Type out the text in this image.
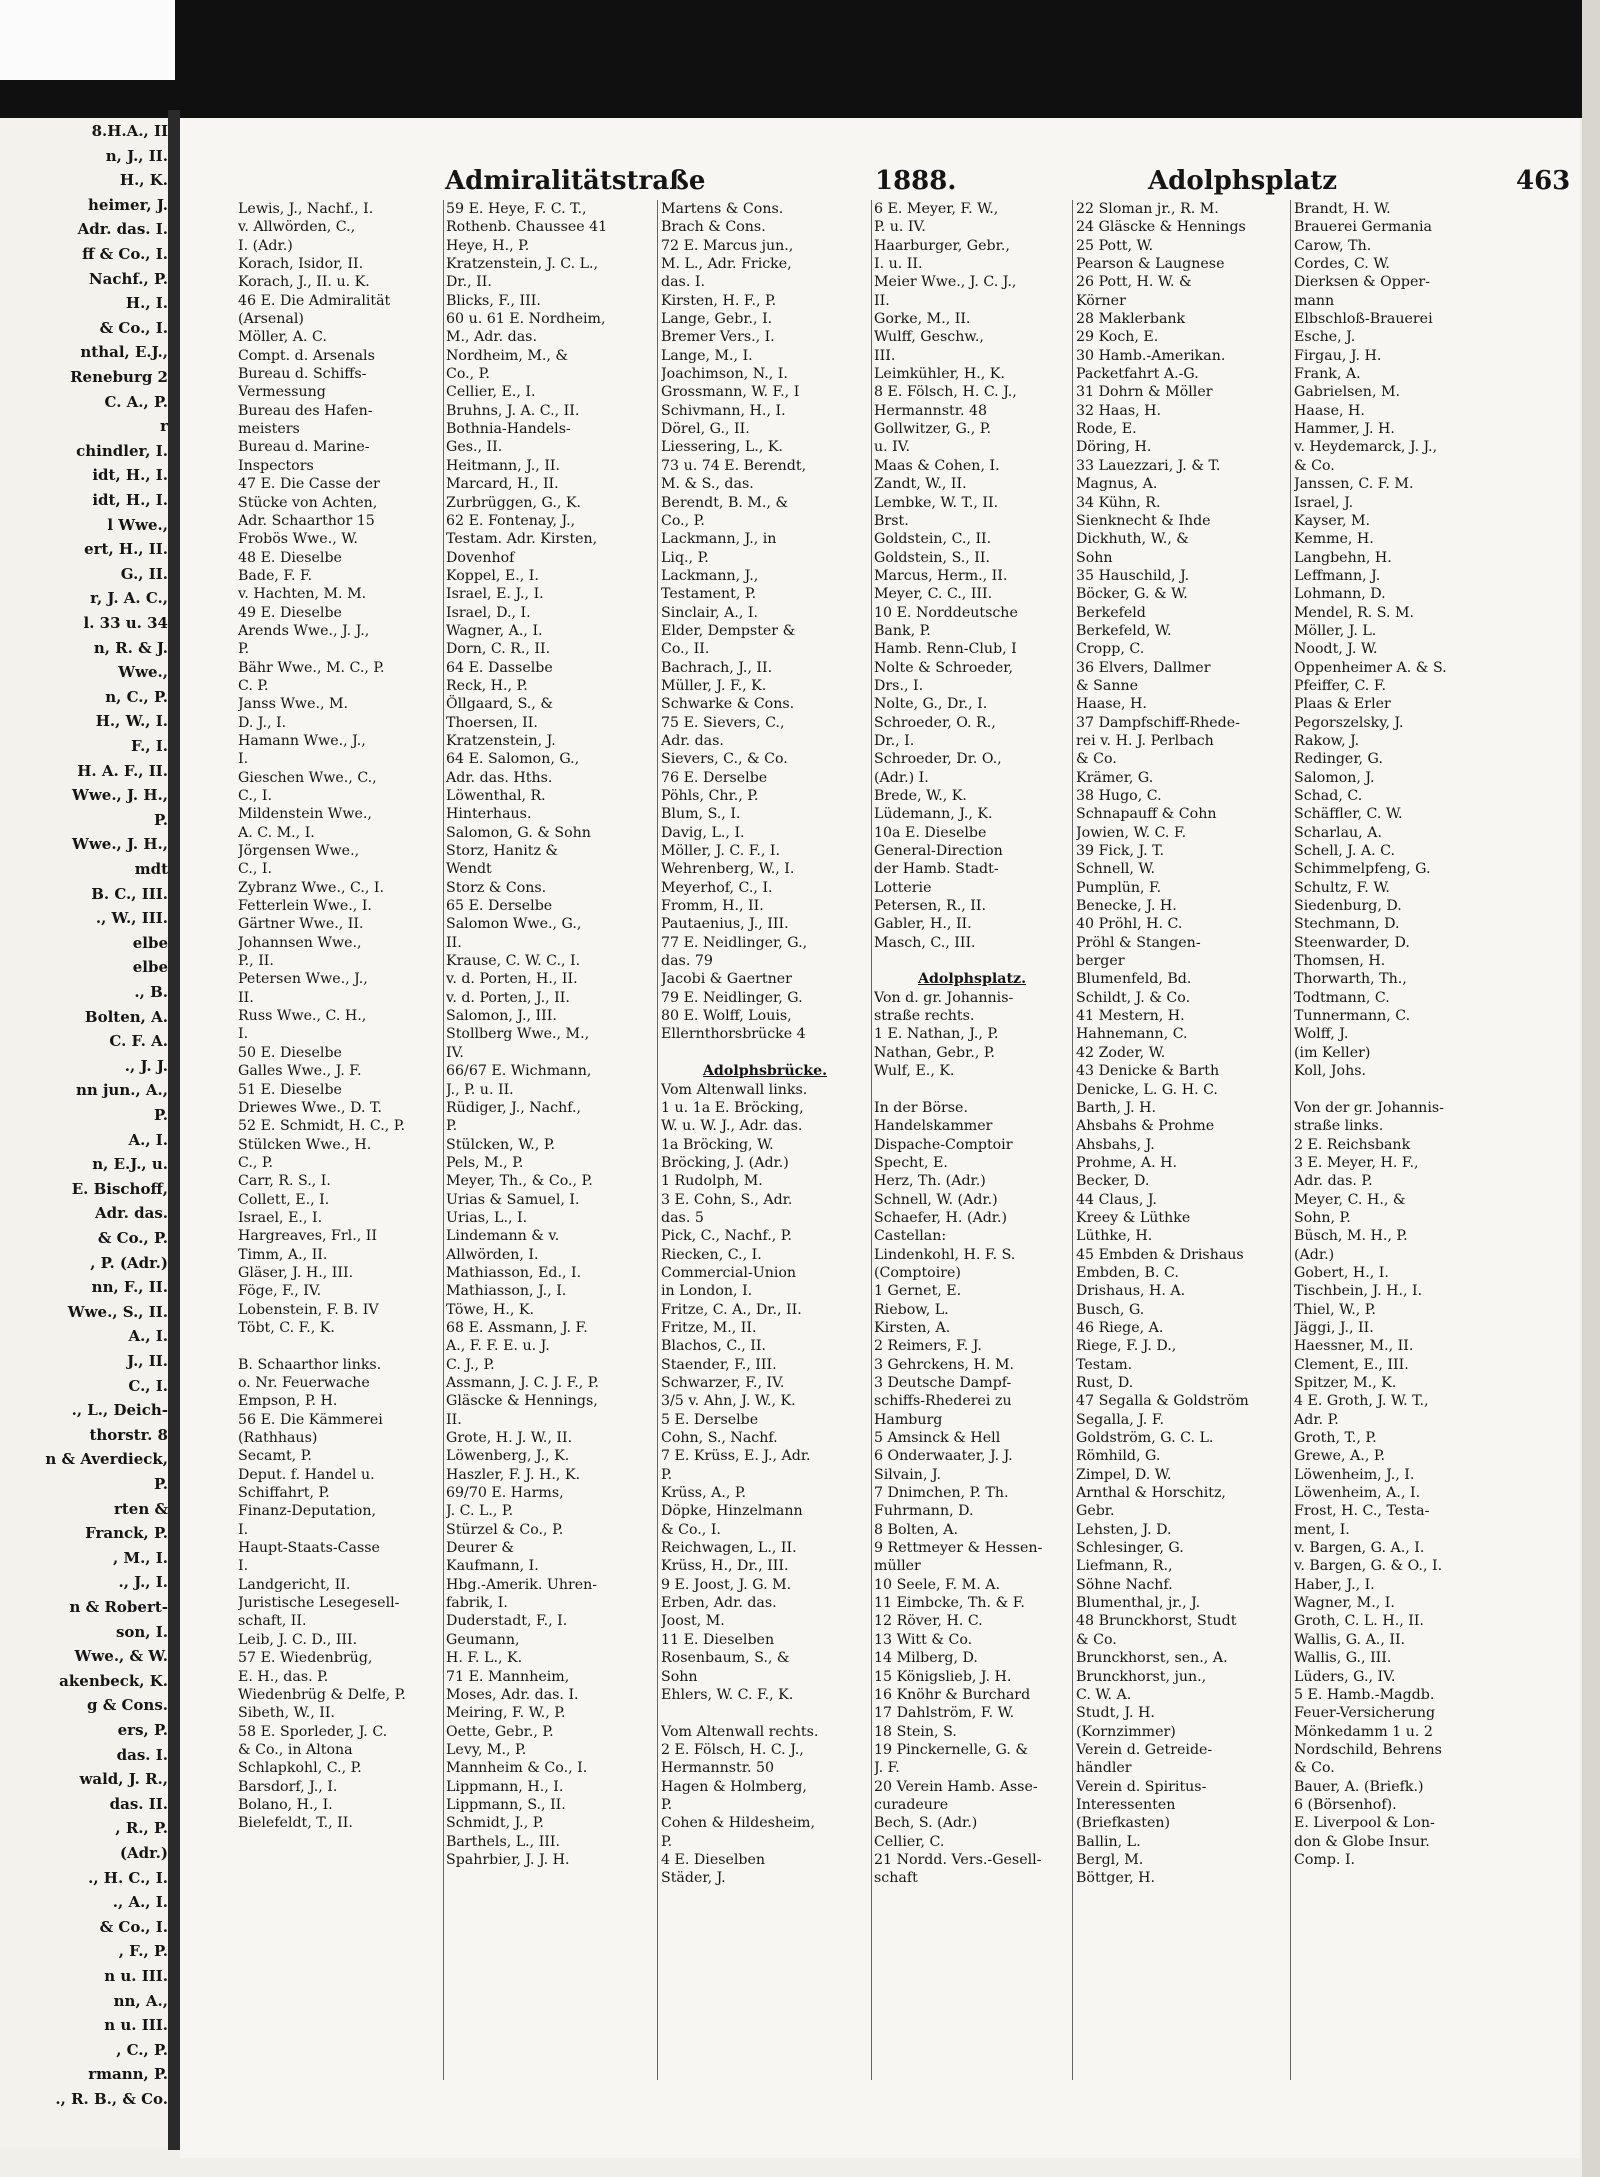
8.H.A., II
n, J., II.
H., K.
heimer, J.
Adr. das. I.
ff & Co., I.
Nachf., P.
H., I.
& Co., I.
nthal, E.J.,
Reneburg 2
C. A., P.
r
chindler, I.
idt, H., I.
idt, H., I.
l Wwe.,
ert, H., II.
G., II.
r, J. A. C.,
l. 33 u. 34
n, R. & J.
Wwe.,
n, C., P.
H., W., I.
F., I.
H. A. F., II.
Wwe., J. H.,
P.
Wwe., J. H.,
mdt
B. C., III.
., W., III.
elbe
elbe
., B.
Bolten, A.
C. F. A.
., J. J.
nn jun., A.,
P.
A., I.
n, E.J., u.
E. Bischoff,
Adr. das.
& Co., P.
, P. (Adr.)
nn, F., II.
Wwe., S., II.
A., I.
J., II.
C., I.
., L., Deich-
thorstr. 8
n & Averdieck,
P.
rten &
Franck, P.
, M., I.
., J., I.
n & Robert-
son, I.
Wwe., & W.
akenbeck, K.
g & Cons.
ers, P.
das. I.
wald, J. R.,
das. II.
, R., P.
(Adr.)
., H. C., I.
., A., I.
& Co., I.
, F., P.
n u. III.
nn, A.,
n u. III.
, C., P.
rmann, P.
., R. B., & Co.
Admiralitätstraße	1888.	Adolphsplatz	463
Lewis, J., Nachf., I.
v. Allwörden, C.,
I. (Adr.)
Korach, Isidor, II.
Korach, J., II. u. K.
46 E. Die Admiralität
(Arsenal)
Möller, A. C.
Compt. d. Arsenals
Bureau d. Schiffs-
Vermessung
Bureau des Hafen-
meisters
Bureau d. Marine-
Inspectors
47 E. Die Casse der
Stücke von Achten,
Adr. Schaarthor 15
Frobös Wwe., W.
48 E. Dieselbe
Bade, F. F.
v. Hachten, M. M.
49 E. Dieselbe
Arends Wwe., J. J.,
P.
Bähr Wwe., M. C., P.
C. P.
Janss Wwe., M.
D. J., I.
Hamann Wwe., J.,
I.
Gieschen Wwe., C.,
C., I.
Mildenstein Wwe.,
A. C. M., I.
Jörgensen Wwe.,
C., I.
Zybranz Wwe., C., I.
Fetterlein Wwe., I.
Gärtner Wwe., II.
Johannsen Wwe.,
P., II.
Petersen Wwe., J.,
II.
Russ Wwe., C. H.,
I.
50 E. Dieselbe
Galles Wwe., J. F.
51 E. Dieselbe
Driewes Wwe., D. T.
52 E. Schmidt, H. C., P.
Stülcken Wwe., H.
C., P.
Carr, R. S., I.
Collett, E., I.
Israel, E., I.
Hargreaves, Frl., II
Timm, A., II.
Gläser, J. H., III.
Föge, F., IV.
Lobenstein, F. B. IV
Töbt, C. F., K.

B. Schaarthor links.
o. Nr. Feuerwache
Empson, P. H.
56 E. Die Kämmerei
(Rathhaus)
Secamt, P.
Deput. f. Handel u.
Schiffahrt, P.
Finanz-Deputation,
I.
Haupt-Staats-Casse
I.
Landgericht, II.
Juristische Lesegesell-
schaft, II.
Leib, J. C. D., III.
57 E. Wiedenbrüg,
E. H., das. P.
Wiedenbrüg & Delfe, P.
Sibeth, W., II.
58 E. Sporleder, J. C.
& Co., in Altona
Schlapkohl, C., P.
Barsdorf, J., I.
Bolano, H., I.
Bielefeldt, T., II.
59 E. Heye, F. C. T.,
Rothenb. Chaussee 41
Heye, H., P.
Kratzenstein, J. C. L.,
Dr., II.
Blicks, F., III.
60 u. 61 E. Nordheim,
M., Adr. das.
Nordheim, M., &
Co., P.
Cellier, E., I.
Bruhns, J. A. C., II.
Bothnia-Handels-
Ges., II.
Heitmann, J., II.
Marcard, H., II.
Zurbrüggen, G., K.
62 E. Fontenay, J.,
Testam. Adr. Kirsten,
Dovenhof
Koppel, E., I.
Israel, E. J., I.
Israel, D., I.
Wagner, A., I.
Dorn, C. R., II.
64 E. Dasselbe
Reck, H., P.
Öllgaard, S., &
Thoersen, II.
Kratzenstein, J.
64 E. Salomon, G.,
Adr. das. Hths.
Löwenthal, R.
Hinterhaus.
Salomon, G. & Sohn
Storz, Hanitz &
Wendt
Storz & Cons.
65 E. Derselbe
Salomon Wwe., G.,
II.
Krause, C. W. C., I.
v. d. Porten, H., II.
v. d. Porten, J., II.
Salomon, J., III.
Stollberg Wwe., M.,
IV.
66/67 E. Wichmann,
J., P. u. II.
Rüdiger, J., Nachf.,
P.
Stülcken, W., P.
Pels, M., P.
Meyer, Th., & Co., P.
Urias & Samuel, I.
Urias, L., I.
Lindemann & v.
Allwörden, I.
Mathiasson, Ed., I.
Mathiasson, J., I.
Töwe, H., K.
68 E. Assmann, J. F.
A., F. F. E. u. J.
C. J., P.
Assmann, J. C. J. F., P.
Gläscke & Hennings,
II.
Grote, H. J. W., II.
Löwenberg, J., K.
Haszler, F. J. H., K.
69/70 E. Harms,
J. C. L., P.
Stürzel & Co., P.
Deurer &
Kaufmann, I.
Hbg.-Amerik. Uhren-
fabrik, I.
Duderstadt, F., I.
Geumann,
H. F. L., K.
71 E. Mannheim,
Moses, Adr. das. I.
Meiring, F. W., P.
Oette, Gebr., P.
Levy, M., P.
Mannheim & Co., I.
Lippmann, H., I.
Lippmann, S., II.
Schmidt, J., P.
Barthels, L., III.
Spahrbier, J. J. H.
Martens & Cons.
Brach & Cons.
72 E. Marcus jun.,
M. L., Adr. Fricke,
das. I.
Kirsten, H. F., P.
Lange, Gebr., I.
Bremer Vers., I.
Lange, M., I.
Joachimson, N., I.
Grossmann, W. F., I
Schivmann, H., I.
Dörel, G., II.
Liessering, L., K.
73 u. 74 E. Berendt,
M. & S., das.
Berendt, B. M., &
Co., P.
Lackmann, J., in
Liq., P.
Lackmann, J.,
Testament, P.
Sinclair, A., I.
Elder, Dempster &
Co., II.
Bachrach, J., II.
Müller, J. F., K.
Schwarke & Cons.
75 E. Sievers, C.,
Adr. das.
Sievers, C., & Co.
76 E. Derselbe
Pöhls, Chr., P.
Blum, S., I.
Davig, L., I.
Möller, J. C. F., I.
Wehrenberg, W., I.
Meyerhof, C., I.
Fromm, H., II.
Pautaenius, J., III.
77 E. Neidlinger, G.,
das. 79
Jacobi & Gaertner
79 E. Neidlinger, G.
80 E. Wolff, Louis,
Ellernthorsbrücke 4

Adolphsbrücke.
Vom Altenwall links.
1 u. 1a E. Bröcking,
W. u. W. J., Adr. das.
1a Bröcking, W.
Bröcking, J. (Adr.)
1 Rudolph, M.
3 E. Cohn, S., Adr.
das. 5
Pick, C., Nachf., P.
Riecken, C., I.
Commercial-Union
in London, I.
Fritze, C. A., Dr., II.
Fritze, M., II.
Blachos, C., II.
Staender, F., III.
Schwarzer, F., IV.
3/5 v. Ahn, J. W., K.
5 E. Derselbe
Cohn, S., Nachf.
7 E. Krüss, E. J., Adr.
P.
Krüss, A., P.
Döpke, Hinzelmann
& Co., I.
Reichwagen, L., II.
Krüss, H., Dr., III.
9 E. Joost, J. G. M.
Erben, Adr. das.
Joost, M.
11 E. Dieselben
Rosenbaum, S., &
Sohn
Ehlers, W. C. F., K.

Vom Altenwall rechts.
2 E. Fölsch, H. C. J.,
Hermannstr. 50
Hagen & Holmberg,
P.
Cohen & Hildesheim,
P.
4 E. Dieselben
Städer, J.
6 E. Meyer, F. W.,
P. u. IV.
Haarburger, Gebr.,
I. u. II.
Meier Wwe., J. C. J.,
II.
Gorke, M., II.
Wulff, Geschw.,
III.
Leimkühler, H., K.
8 E. Fölsch, H. C. J.,
Hermannstr. 48
Gollwitzer, G., P.
u. IV.
Maas & Cohen, I.
Zandt, W., II.
Lembke, W. T., II.
Brst.
Goldstein, C., II.
Goldstein, S., II.
Marcus, Herm., II.
Meyer, C. C., III.
10 E. Norddeutsche
Bank, P.
Hamb. Renn-Club, I
Nolte & Schroeder,
Drs., I.
Nolte, G., Dr., I.
Schroeder, O. R.,
Dr., I.
Schroeder, Dr. O.,
(Adr.) I.
Brede, W., K.
Lüdemann, J., K.
10a E. Dieselbe
General-Direction
der Hamb. Stadt-
Lotterie
Petersen, R., II.
Gabler, H., II.
Masch, C., III.

Adolphsplatz.
Von d. gr. Johannis-
straße rechts.
1 E. Nathan, J., P.
Nathan, Gebr., P.
Wulf, E., K.

In der Börse.
Handelskammer
Dispache-Comptoir
Specht, E.
Herz, Th. (Adr.)
Schnell, W. (Adr.)
Schaefer, H. (Adr.)
Castellan:
Lindenkohl, H. F. S.
(Comptoire)
1 Gernet, E.
Riebow, L.
Kirsten, A.
2 Reimers, F. J.
3 Gehrckens, H. M.
3 Deutsche Dampf-
schiffs-Rhederei zu
Hamburg
5 Amsinck & Hell
6 Onderwaater, J. J.
Silvain, J.
7 Dnimchen, P. Th.
Fuhrmann, D.
8 Bolten, A.
9 Rettmeyer & Hessen-
müller
10 Seele, F. M. A.
11 Eimbcke, Th. & F.
12 Röver, H. C.
13 Witt & Co.
14 Milberg, D.
15 Königslieb, J. H.
16 Knöhr & Burchard
17 Dahlström, F. W.
18 Stein, S.
19 Pinckernelle, G. &
J. F.
20 Verein Hamb. Asse-
curadeure
Bech, S. (Adr.)
Cellier, C.
21 Nordd. Vers.-Gesell-
schaft
22 Sloman jr., R. M.
24 Gläscke & Hennings
25 Pott, W.
Pearson & Laugnese
26 Pott, H. W. &
Körner
28 Maklerbank
29 Koch, E.
30 Hamb.-Amerikan.
Packetfahrt A.-G.
31 Dohrn & Möller
32 Haas, H.
Rode, E.
Döring, H.
33 Lauezzari, J. & T.
Magnus, A.
34 Kühn, R.
Sienknecht & Ihde
Dickhuth, W., &
Sohn
35 Hauschild, J.
Böcker, G. & W.
Berkefeld
Berkefeld, W.
Cropp, C.
36 Elvers, Dallmer
& Sanne
Haase, H.
37 Dampfschiff-Rhede-
rei v. H. J. Perlbach
& Co.
Krämer, G.
38 Hugo, C.
Schnapauff & Cohn
Jowien, W. C. F.
39 Fick, J. T.
Schnell, W.
Pumplün, F.
Benecke, J. H.
40 Pröhl, H. C.
Pröhl & Stangen-
berger
Blumenfeld, Bd.
Schildt, J. & Co.
41 Mestern, H.
Hahnemann, C.
42 Zoder, W.
43 Denicke & Barth
Denicke, L. G. H. C.
Barth, J. H.
Ahsbahs & Prohme
Ahsbahs, J.
Prohme, A. H.
Becker, D.
44 Claus, J.
Kreey & Lüthke
Lüthke, H.
45 Embden & Drishaus
Embden, B. C.
Drishaus, H. A.
Busch, G.
46 Riege, A.
Riege, F. J. D.,
Testam.
Rust, D.
47 Segalla & Goldström
Segalla, J. F.
Goldström, G. C. L.
Römhild, G.
Zimpel, D. W.
Arnthal & Horschitz,
Gebr.
Lehsten, J. D.
Schlesinger, G.
Liefmann, R.,
Söhne Nachf.
Blumenthal, jr., J.
48 Brunckhorst, Studt
& Co.
Brunckhorst, sen., A.
Brunckhorst, jun.,
C. W. A.
Studt, J. H.
(Kornzimmer)
Verein d. Getreide-
händler
Verein d. Spiritus-
Interessenten
(Briefkasten)
Ballin, L.
Bergl, M.
Böttger, H.
Brandt, H. W.
Brauerei Germania
Carow, Th.
Cordes, C. W.
Dierksen & Opper-
mann
Elbschloß-Brauerei
Esche, J.
Firgau, J. H.
Frank, A.
Gabrielsen, M.
Haase, H.
Hammer, J. H.
v. Heydemarck, J. J.,
& Co.
Janssen, C. F. M.
Israel, J.
Kayser, M.
Kemme, H.
Langbehn, H.
Leffmann, J.
Lohmann, D.
Mendel, R. S. M.
Möller, J. L.
Noodt, J. W.
Oppenheimer A. & S.
Pfeiffer, C. F.
Plaas & Erler
Pegorszelsky, J.
Rakow, J.
Redinger, G.
Salomon, J.
Schad, C.
Schäffler, C. W.
Scharlau, A.
Schell, J. A. C.
Schimmelpfeng, G.
Schultz, F. W.
Siedenburg, D.
Stechmann, D.
Steenwarder, D.
Thomsen, H.
Thorwarth, Th.,
Todtmann, C.
Tunnermann, C.
Wolff, J.
(im Keller)
Koll, Johs.

Von der gr. Johannis-
straße links.
2 E. Reichsbank
3 E. Meyer, H. F.,
Adr. das. P.
Meyer, C. H., &
Sohn, P.
Büsch, M. H., P.
(Adr.)
Gobert, H., I.
Tischbein, J. H., I.
Thiel, W., P.
Jäggi, J., II.
Haessner, M., II.
Clement, E., III.
Spitzer, M., K.
4 E. Groth, J. W. T.,
Adr. P.
Groth, T., P.
Grewe, A., P.
Löwenheim, J., I.
Löwenheim, A., I.
Frost, H. C., Testa-
ment, I.
v. Bargen, G. A., I.
v. Bargen, G. & O., I.
Haber, J., I.
Wagner, M., I.
Groth, C. L. H., II.
Wallis, G. A., II.
Wallis, G., III.
Lüders, G., IV.
5 E. Hamb.-Magdb.
Feuer-Versicherung
Mönkedamm 1 u. 2
Nordschild, Behrens
& Co.
Bauer, A. (Briefk.)
6 (Börsenhof).
E. Liverpool & Lon-
don & Globe Insur.
Comp. I.
